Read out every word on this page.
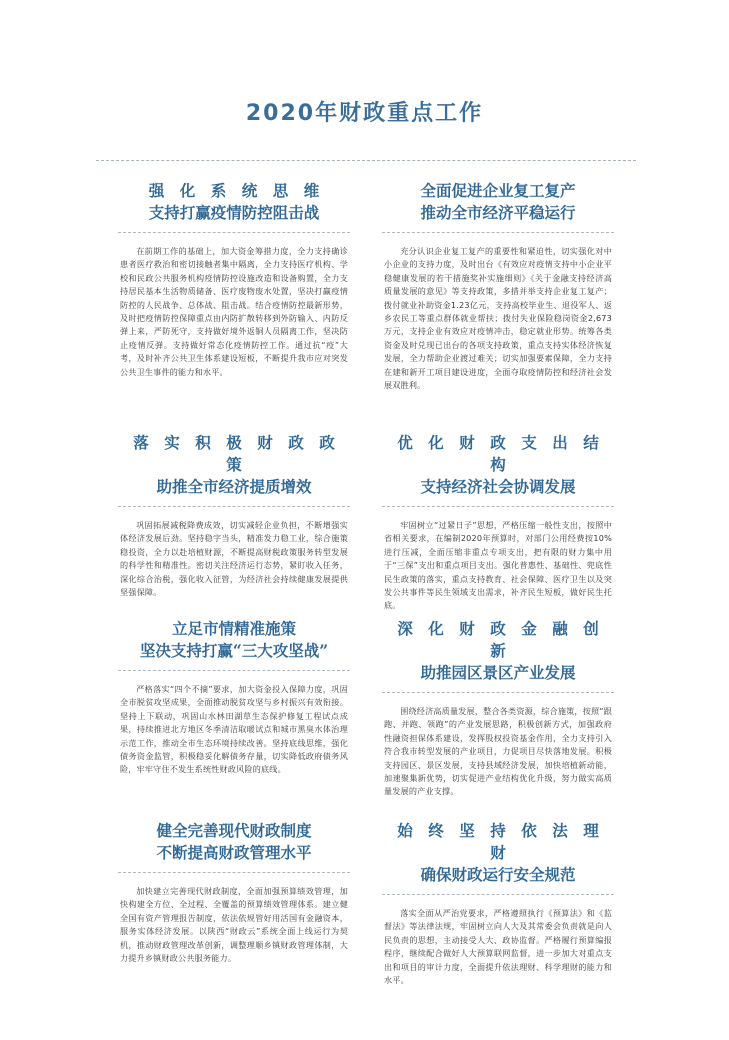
2020年财政重点工作
强　化　系　统　思　维
支持打赢疫情防控阻击战

在前期工作的基础上，加大资金筹措力度，全力支持确诊患者医疗救治和密切接触者集中隔离，全力支持医疗机构、学校和民政公共服务机构疫情防控设施改造和设备购置，全力支持居民基本生活物质储备、医疗废物废水处置，坚决打赢疫情防控的人民战争、总体战、阻击战。结合疫情防控最新形势，及时把疫情防控保障重点由内防扩散转移到外防输入、内防反弹上来，严防死守，支持做好境外返铜人员隔离工作，坚决防止疫情反弹。支持做好常态化疫情防控工作。通过抗“疫”大考，及时补齐公共卫生体系建设短板，不断提升我市应对突发公共卫生事件的能力和水平。

全面促进企业复工复产
推动全市经济平稳运行

充分认识企业复工复产的重要性和紧迫性，切实强化对中小企业的支持力度，及时出台《有效应对疫情支持中小企业平稳健康发展的若干措施奖补实施细则》《关于金融支持经济高质量发展的意见》等支持政策，多措并举支持企业复工复产；拨付就业补助资金1.23亿元，支持高校毕业生、退役军人、返乡农民工等重点群体就业帮扶；拨付失业保险稳岗资金2,673万元，支持企业有效应对疫情冲击，稳定就业形势。统筹各类资金及时兑现已出台的各项支持政策，重点支持实体经济恢复发展，全力帮助企业渡过难关；切实加强要素保障，全力支持在建和新开工项目建设进度，全面夺取疫情防控和经济社会发展双胜利。

落　实　积　极　财　政　政　策
助推全市经济提质增效

巩固拓展减税降费成效，切实减轻企业负担，不断增强实体经济发展后劲。坚持稳字当头，精准发力稳工业，综合施策稳投资，全力以赴培植财源，不断提高财税政策服务转型发展的科学性和精准性。密切关注经济运行态势，紧盯收入任务，深化综合治税，强化收入征管，为经济社会持续健康发展提供坚强保障。

优　化　财　政　支　出　结　构
支持经济社会协调发展

牢固树立“过紧日子”思想，严格压缩一般性支出，按照中省相关要求，在编制2020年预算时，对部门公用经费按10%进行压减，全面压缩非重点专项支出，把有限的财力集中用于“三保”支出和重点项目支出。强化普惠性、基础性、兜底性民生政策的落实，重点支持教育、社会保障、医疗卫生以及突发公共事件等民生领域支出需求，补齐民生短板，做好民生托底。

立足市情精准施策
坚决支持打赢“三大攻坚战”

严格落实“四个不摘”要求，加大资金投入保障力度，巩固全市脱贫攻坚成果，全面推动脱贫攻坚与乡村振兴有效衔接。坚持上下联动，巩固山水林田湖草生态保护修复工程试点成果，持续推进北方地区冬季清洁取暖试点和城市黑臭水体治理示范工作，推动全市生态环境持续改善。坚持底线思维，强化债务资金监管，积极稳妥化解债务存量，切实降低政府债务风险，牢牢守住不发生系统性财政风险的底线。

深　化　财　政　金　融　创　新
助推园区景区产业发展

围绕经济高质量发展，整合各类资源，综合施策，按照“跟跑、并跑、领跑”的产业发展思路，积极创新方式，加强政府性融资担保体系建设，发挥股权投资基金作用，全力支持引入符合我市转型发展的产业项目，力促项目尽快落地发展。积极支持园区、景区发展，支持县域经济发展，加快培植新动能，加速聚集新优势，切实促进产业结构优化升级，努力做实高质量发展的产业支撑。

健全完善现代财政制度
不断提高财政管理水平

加快建立完善现代财政制度，全面加强预算绩效管理，加快构建全方位、全过程、全覆盖的预算绩效管理体系。建立健全国有资产管理报告制度，依法依规管好用活国有金融资本，服务实体经济发展。以陕西“财政云”系统全面上线运行为契机，推动财政管理改革创新，调整理顺乡镇财政管理体制，大力提升乡镇财政公共服务能力。

始　终　坚　持　依　法　理　财
确保财政运行安全规范

落实全面从严治党要求，严格遵照执行《预算法》和《监督法》等法律法规，牢固树立向人大及其常委会负责就是向人民负责的思想，主动接受人大、政协监督。严格履行预算编报程序，继续配合做好人大预算联网监督，进一步加大对重点支出和项目的审计力度，全面提升依法理财、科学理财的能力和水平。
